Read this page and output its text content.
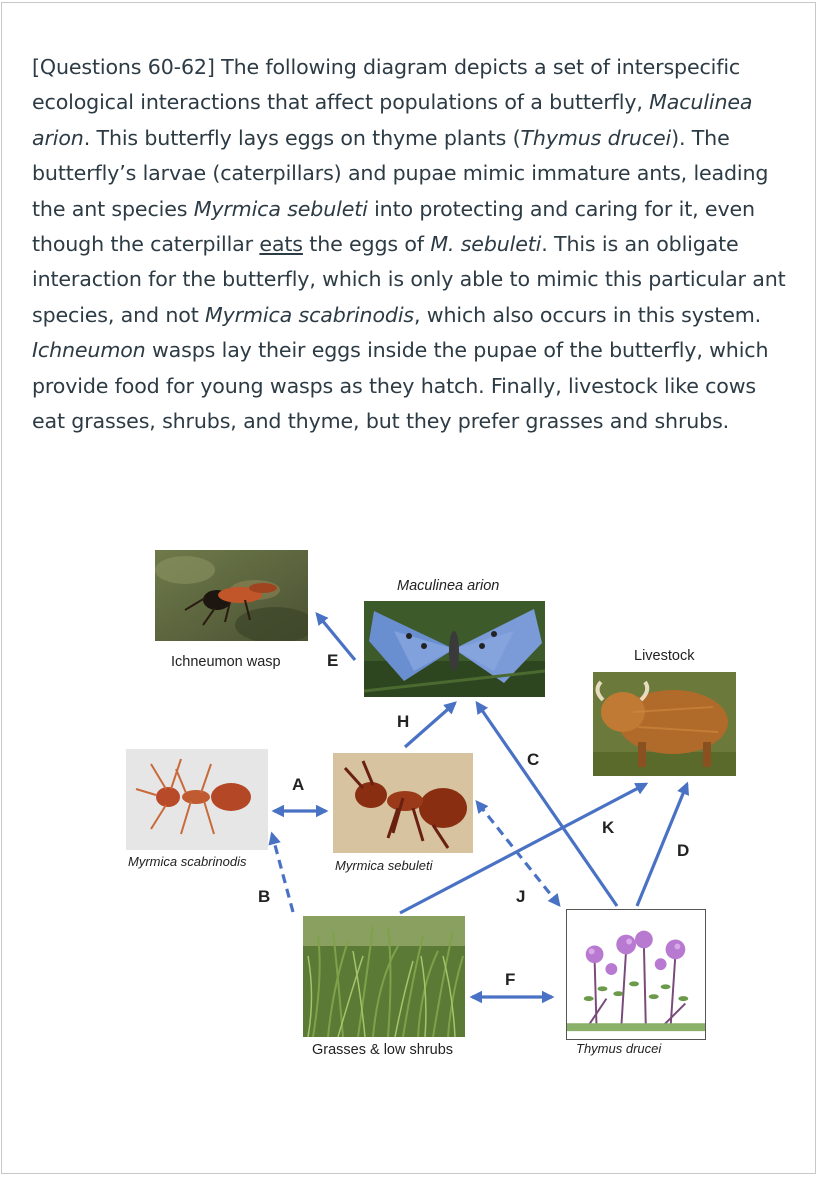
[Questions 60-62] The following diagram depicts a set of interspecific ecological interactions that affect populations of a butterfly, Maculinea arion. This butterfly lays eggs on thyme plants (Thymus drucei). The butterfly’s larvae (caterpillars) and pupae mimic immature ants, leading the ant species Myrmica sebuleti into protecting and caring for it, even though the caterpillar eats the eggs of M. sebuleti. This is an obligate interaction for the butterfly, which is only able to mimic this particular ant species, and not Myrmica scabrinodis, which also occurs in this system. Ichneumon wasps lay their eggs inside the pupae of the butterfly, which provide food for young wasps as they hatch. Finally, livestock like cows eat grasses, shrubs, and thyme, but they prefer grasses and shrubs.
Ichneumon wasp
Maculinea arion
Livestock
Myrmica scabrinodis	Myrmica sebuleti
Grasses & low shrubs	Thymus drucei
E
H
C
A
K
D
B	J
F
